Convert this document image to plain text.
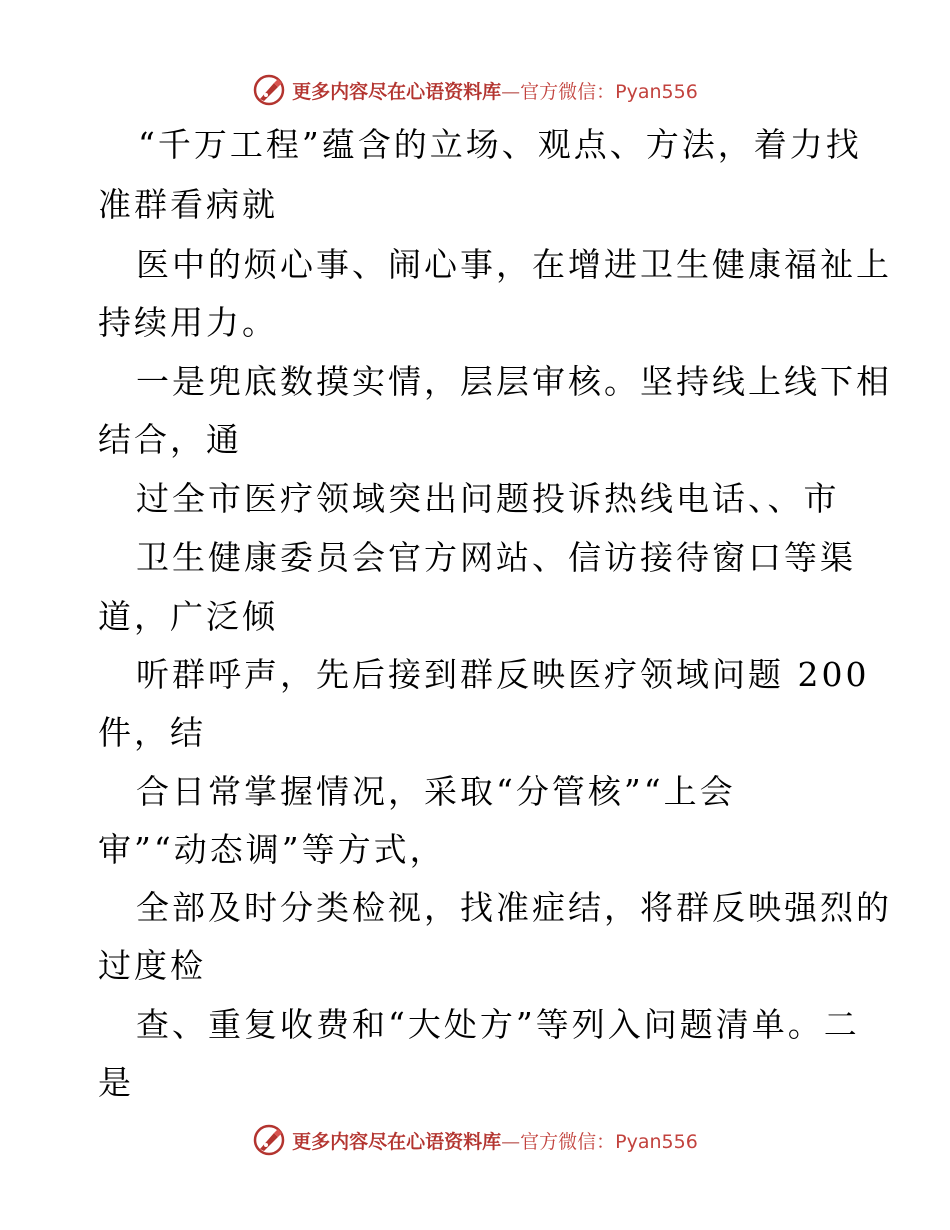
更多内容尽在心语资料库—官方微信：Pyan556
“千万工程”蕴含的立场、观点、方法，着力找
准群看病就
医中的烦心事、闹心事，在增进卫生健康福祉上
持续用力。
一是兜底数摸实情，层层审核。坚持线上线下相
结合，通
过全市医疗领域突出问题投诉热线电话、、市
卫生健康委员会官方网站、信访接待窗口等渠
道，广泛倾
听群呼声，先后接到群反映医疗领域问题 200
件，结
合日常掌握情况，采取“分管核”“上会
审”“动态调”等方式，
全部及时分类检视，找准症结，将群反映强烈的
过度检
查、重复收费和“大处方”等列入问题清单。二
是
更多内容尽在心语资料库—官方微信：Pyan556
